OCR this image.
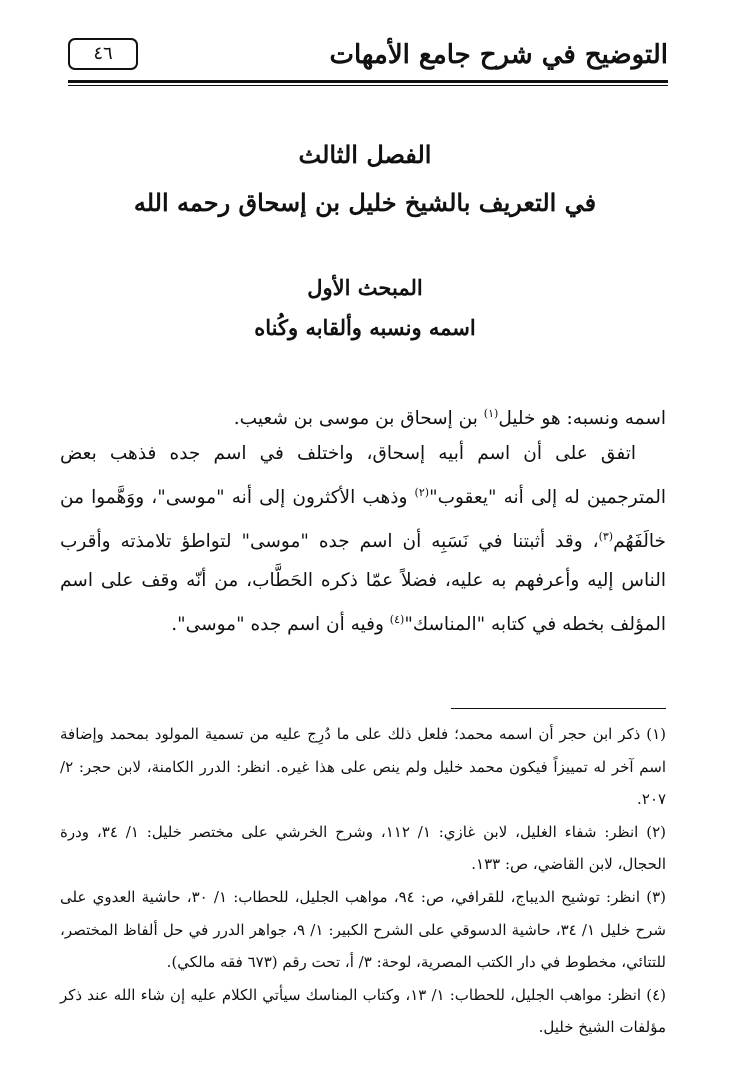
التوضيح في شرح جامع الأمهات
٤٦
الفصل الثالث
في التعريف بالشيخ خليل بن إسحاق رحمه الله
المبحث الأول
اسمه ونسبه وألقابه وكُناه

اسمه ونسبه: هو خليل$^{(١)}$ بن إسحاق بن موسى بن شعيب.

اتفق على أن اسم أبيه إسحاق، واختلف في اسم جده فذهب بعض المترجمين له إلى أنه "يعقوب"$^{(٢)}$ وذهب الأكثرون إلى أنه "موسى"، ووَهَّموا من خالَفَهُم$^{(٣)}$، وقد أثبتنا في نَسَبِه أن اسم جده "موسى" لتواطؤ تلامذته وأقرب الناس إليه وأعرفهم به عليه، فضلاً عمّا ذكره الحَطَّاب، من أنّه وقف على اسم المؤلف بخطه في كتابه "المناسك"$^{(٤)}$ وفيه أن اسم جده "موسى".

(١) ذكر ابن حجر أن اسمه محمد؛ فلعل ذلك على ما دُرِج عليه من تسمية المولود بمحمد وإضافة اسم آخر له تمييزاً فيكون محمد خليل ولم ينص على هذا غيره. انظر: الدرر الكامنة، لابن حجر: ٢/ ٢٠٧.

(٢) انظر: شفاء الغليل، لابن غازي: ١/ ١١٢، وشرح الخرشي على مختصر خليل: ١/ ٣٤، ودرة الحجال، لابن القاضي، ص: ١٣٣.

(٣) انظر: توشيح الديباج، للقرافي، ص: ٩٤، مواهب الجليل، للحطاب: ١/ ٣٠، حاشية العدوي على شرح خليل ١/ ٣٤، حاشية الدسوقي على الشرح الكبير: ١/ ٩، جواهر الدرر في حل ألفاظ المختصر، للتتائي، مخطوط في دار الكتب المصرية، لوحة: ٣/ أ، تحت رقم (٦٧٣ فقه مالكي).

(٤) انظر: مواهب الجليل، للحطاب: ١/ ١٣، وكتاب المناسك سيأتي الكلام عليه إن شاء الله عند ذكر مؤلفات الشيخ خليل.
